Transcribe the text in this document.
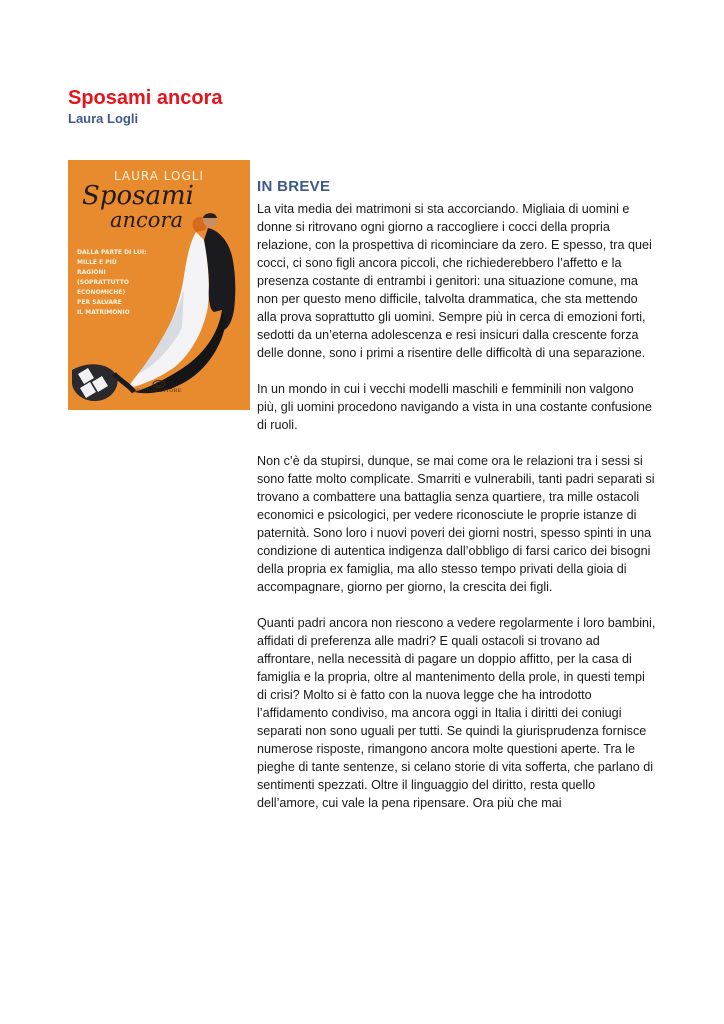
Sposami ancora
Laura Logli
LAURA LOGLI
Sposami
ancora
DALLA PARTE DI LUI:
MILLE E PIÙ
RAGIONI
(SOPRATTUTTO
ECONOMICHE)
PER SALVARE
IL MATRIMONIO
CAIROEDITORE
IN BREVE

La vita media dei matrimoni si sta accorciando. Migliaia di uomini e donne si ritrovano ogni giorno a raccogliere i cocci della propria relazione, con la prospettiva di ricominciare da zero. E spesso, tra quei cocci, ci sono figli ancora piccoli, che richiederebbero l’affetto e la presenza costante di entrambi i genitori: una situazione comune, ma non per questo meno difficile, talvolta drammatica, che sta mettendo alla prova soprattutto gli uomini. Sempre più in cerca di emozioni forti, sedotti da un’eterna adolescenza e resi insicuri dalla crescente forza delle donne, sono i primi a risentire delle difficoltà di una separazione.

In un mondo in cui i vecchi modelli maschili e femminili non valgono più, gli uomini procedono navigando a vista in una costante confusione di ruoli.

Non c’è da stupirsi, dunque, se mai come ora le relazioni tra i sessi si sono fatte molto complicate. Smarriti e vulnerabili, tanti padri separati si trovano a combattere una battaglia senza quartiere, tra mille ostacoli economici e psicologici, per vedere riconosciute le proprie istanze di paternità. Sono loro i nuovi poveri dei giorni nostri, spesso spinti in una condizione di autentica indigenza dall’obbligo di farsi carico dei bisogni della propria ex famiglia, ma allo stesso tempo privati della gioia di accompagnare, giorno per giorno, la crescita dei figli.

Quanti padri ancora non riescono a vedere regolarmente i loro bambini, affidati di preferenza alle madri? E quali ostacoli si trovano ad affrontare, nella necessità di pagare un doppio affitto, per la casa di famiglia e la propria, oltre al mantenimento della prole, in questi tempi di crisi? Molto si è fatto con la nuova legge che ha introdotto l’affidamento condiviso, ma ancora oggi in Italia i diritti dei coniugi separati non sono uguali per tutti. Se quindi la giurisprudenza fornisce numerose risposte, rimangono ancora molte questioni aperte. Tra le pieghe di tante sentenze, si celano storie di vita sofferta, che parlano di sentimenti spezzati. Oltre il linguaggio del diritto, resta quello dell’amore, cui vale la pena ripensare. Ora più che mai
